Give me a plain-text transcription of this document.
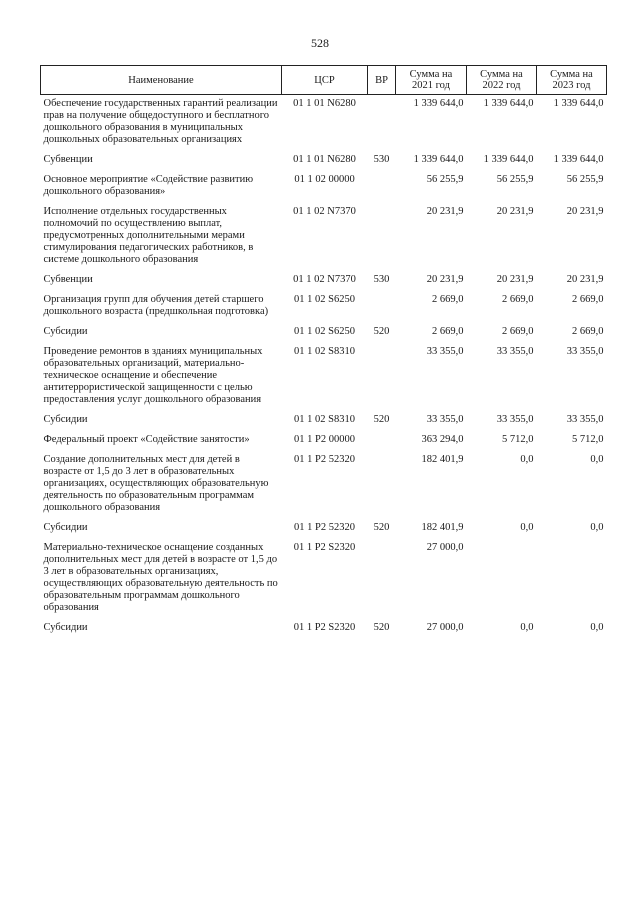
528
Наименование	ЦСР	ВР	Сумма на 2021 год	Сумма на 2022 год	Сумма на 2023 год
Обеспечение государственных гарантий реализации прав на получение общедоступного и бесплатного дошкольного образования в муниципальных дошкольных образовательных организациях	01 1 01 N6280		1 339 644,0	1 339 644,0	1 339 644,0
Субвенции	01 1 01 N6280	530	1 339 644,0	1 339 644,0	1 339 644,0
Основное мероприятие «Содействие развитию дошкольного образования»	01 1 02 00000		56 255,9	56 255,9	56 255,9
Исполнение отдельных государственных полномочий по осуществлению выплат, предусмотренных дополнительными мерами стимулирования педагогических работников, в системе дошкольного образования	01 1 02 N7370		20 231,9	20 231,9	20 231,9
Субвенции	01 1 02 N7370	530	20 231,9	20 231,9	20 231,9
Организация групп для обучения детей старшего дошкольного возраста (предшкольная подготовка)	01 1 02 S6250		2 669,0	2 669,0	2 669,0
Субсидии	01 1 02 S6250	520	2 669,0	2 669,0	2 669,0
Проведение ремонтов в зданиях муниципальных образовательных организаций, материально-техническое оснащение и обеспечение антитеррористической защищенности с целью предоставления услуг дошкольного образования	01 1 02 S8310		33 355,0	33 355,0	33 355,0
Субсидии	01 1 02 S8310	520	33 355,0	33 355,0	33 355,0
Федеральный проект «Содействие занятости»	01 1 P2 00000		363 294,0	5 712,0	5 712,0
Создание дополнительных мест для детей в возрасте от 1,5 до 3 лет в образовательных организациях, осуществляющих образовательную деятельность по образовательным программам дошкольного образования	01 1 P2 52320		182 401,9	0,0	0,0
Субсидии	01 1 P2 52320	520	182 401,9	0,0	0,0
Материально-техническое оснащение созданных дополнительных мест для детей в возрасте от 1,5 до 3 лет в образовательных организациях, осуществляющих образовательную деятельность по образовательным программам дошкольного образования	01 1 P2 S2320		27 000,0		
Субсидии	01 1 P2 S2320	520	27 000,0	0,0	0,0
